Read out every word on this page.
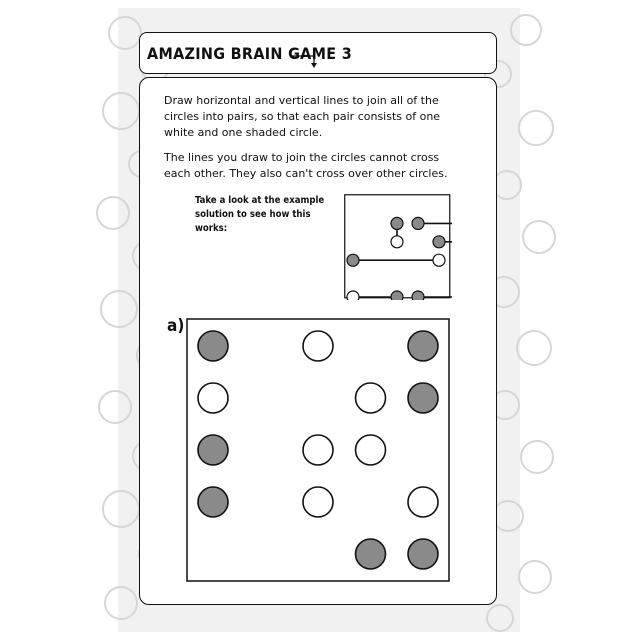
AMAZING BRAIN GAME 3

Draw horizontal and vertical lines to join all of the circles into pairs, so that each pair consists of one white and one shaded circle.

The lines you draw to join the circles cannot cross each other. They also can't cross over other circles.

Take a look at the example solution to see how this works:
a)
